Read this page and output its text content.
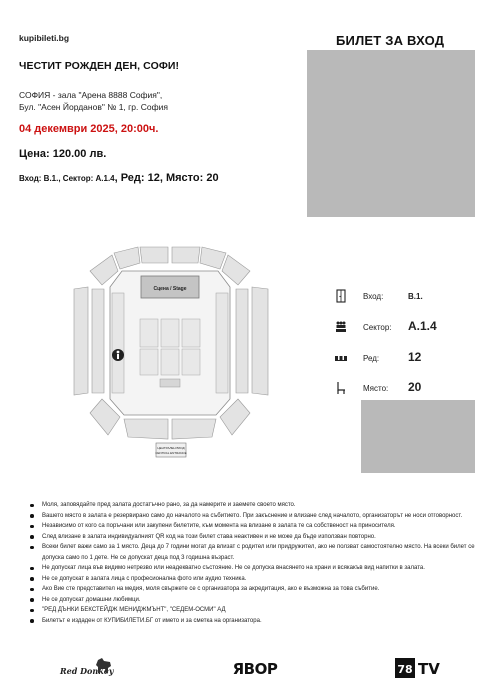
kupibileti.bg	БИЛЕТ ЗА ВХОД
ЧЕСТИТ РОЖДЕН ДЕН, СОФИ!
СОФИЯ - зала "Арена 8888 София",
Бул. "Асен Йорданов" № 1, гр. София
04 декември 2025, 20:00ч.
Цена: 120.00 лв.
Вход: В.1., Сектор: А.1.4, Ред: 12, Място: 20
Сцена / Stage
ЦЕНТРАЛЕН ВХОД
CENTRAL ENTRANCE
Вход:	В.1.
Сектор: А.1.4
Ред: 12
Място: 20
Моля, заповядайте пред залата достатъчно рано, за да намерите и заемете своето място.
Вашето място в залата е резервирано само до началото на събитието. При закъснение и влизане след началото, организаторът не носи отговорност.
Независимо от кого са поръчани или закупени билетите, към момента на влизане в залата те са собственост на приносителя.
След влизане в залата индивидуалният QR код на този билет става неактивен и не може да бъде използван повторно.
Всеки билет важи само за 1 място. Деца до 7 години могат да влизат с родител или придружител, ако не ползват самостоятелно място. На всеки билет се допуска само по 1 дете. Не се допускат деца под 3 годишна възраст.
Не допускат лица във видимо нетрезво или неадекватно състояние. Не се допуска внасянето на храни и всякакъв вид напитки в залата.
Не се допускат в залата лица с професионална фото или аудио техника.
Ако Вие сте представител на медия, моля свържете се с организатора за акредитация, ако е възможна за това събитие.
Не се допускат домашни любимци.
"РЕД ДЪНКИ БЕКСТЕЙДЖ МЕНИДЖМЪНТ", "СЕДЕМ-ОСМИ" АД
Билетът е издаден от КУПИБИЛЕТИ.БГ от името и за сметка на организатора.
Red Donkey	ЯВОР	78 TV
